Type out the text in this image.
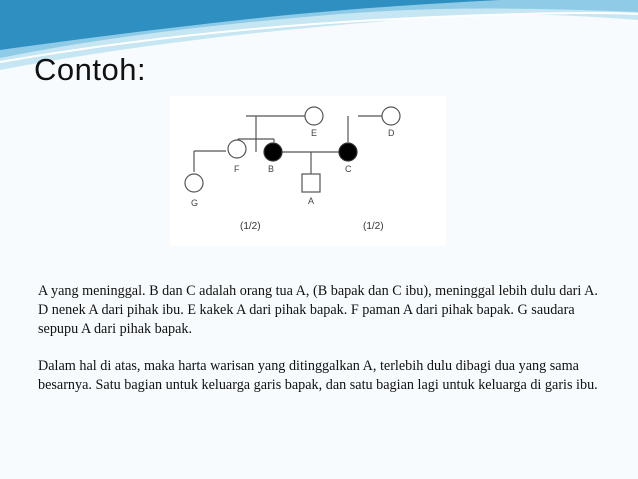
Contoh:
E	D
F	B	C
G	A
(1/2)	(1/2)

A yang meninggal. B dan C adalah orang tua A, (B bapak dan C ibu), meninggal lebih dulu dari A. D nenek A dari pihak ibu. E kakek A dari pihak bapak. F paman A dari pihak bapak. G saudara sepupu A dari pihak bapak.

Dalam hal di atas, maka harta warisan yang ditinggalkan A, terlebih dulu dibagi dua yang sama besarnya. Satu bagian untuk keluarga garis bapak, dan satu bagian lagi untuk keluarga di garis ibu.
